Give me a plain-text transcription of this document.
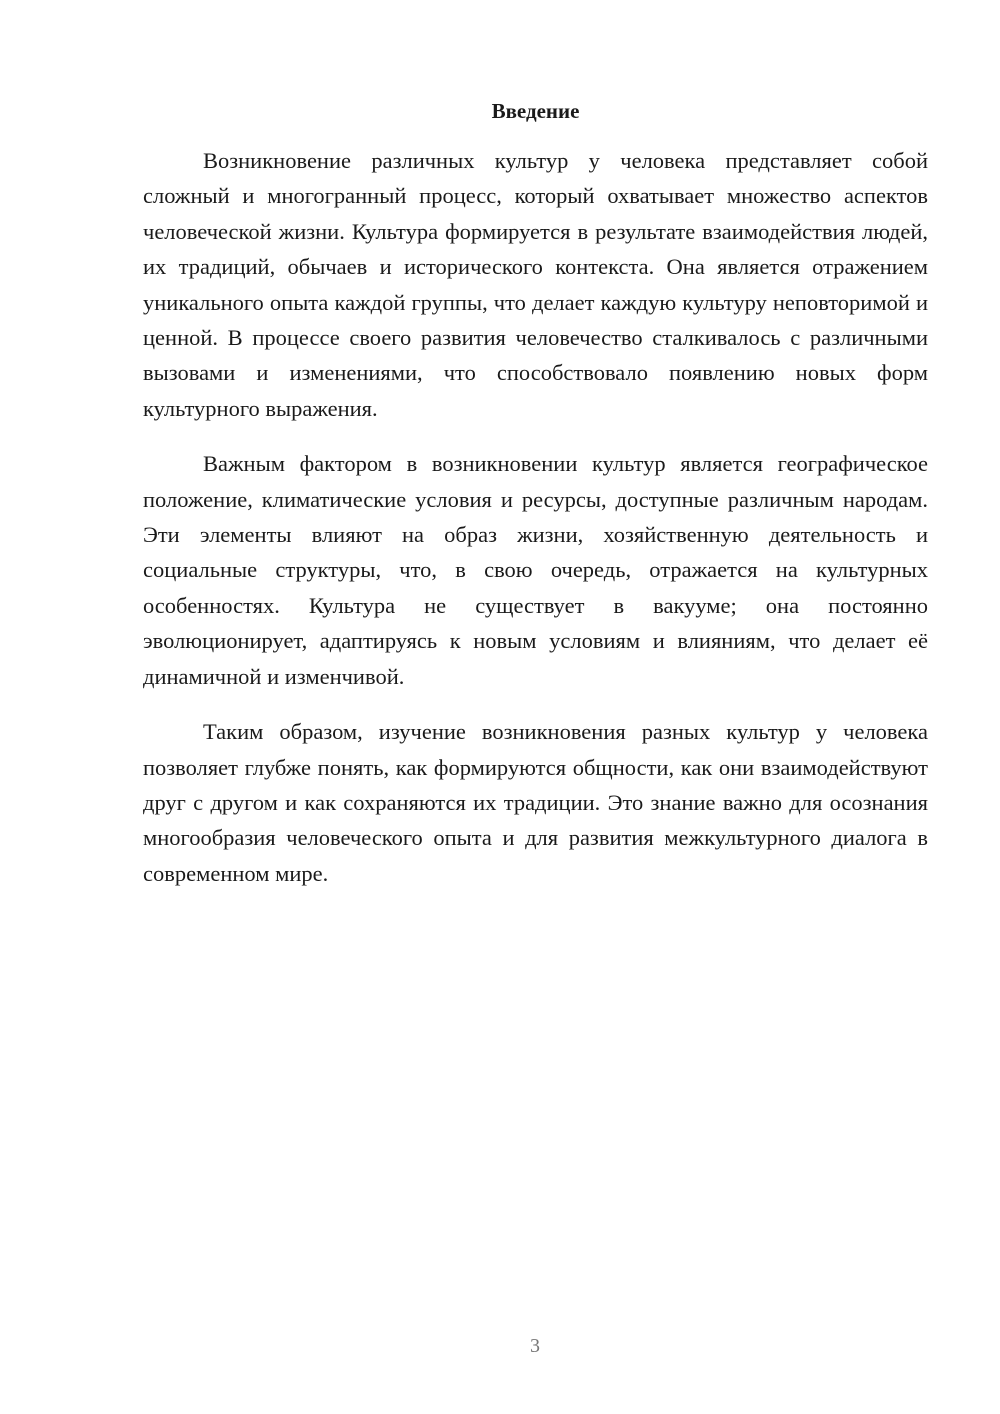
Введение

Возникновение различных культур у человека представляет собой сложный и многогранный процесс, который охватывает множество аспектов человеческой жизни. Культура формируется в результате взаимодействия людей, их традиций, обычаев и исторического контекста. Она является отражением уникального опыта каждой группы, что делает каждую культуру неповторимой и ценной. В процессе своего развития человечество сталкивалось с различными вызовами и изменениями, что способствовало появлению новых форм культурного выражения.

Важным фактором в возникновении культур является географическое положение, климатические условия и ресурсы, доступные различным народам. Эти элементы влияют на образ жизни, хозяйственную деятельность и социальные структуры, что, в свою очередь, отражается на культурных особенностях. Культура не существует в вакууме; она постоянно эволюционирует, адаптируясь к новым условиям и влияниям, что делает её динамичной и изменчивой.

Таким образом, изучение возникновения разных культур у человека позволяет глубже понять, как формируются общности, как они взаимодействуют друг с другом и как сохраняются их традиции. Это знание важно для осознания многообразия человеческого опыта и для развития межкультурного диалога в современном мире.

3
